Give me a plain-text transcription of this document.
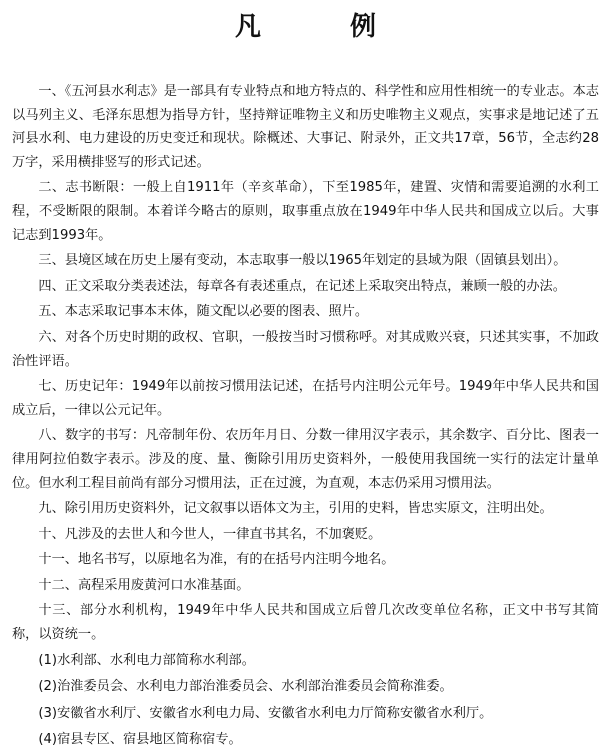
凡 例

一、《五河县水利志》是一部具有专业特点和地方特点的、科学性和应用性相统一的专业志。本志以马列主义、毛泽东思想为指导方针，坚持辩证唯物主义和历史唯物主义观点，实事求是地记述了五河县水利、电力建设的历史变迁和现状。除概述、大事记、附录外，正文共17章，56节，全志约28万字，采用横排竖写的形式记述。

二、志书断限：一般上自1911年（辛亥革命），下至1985年，建置、灾情和需要追溯的水利工程，不受断限的限制。本着详今略古的原则，取事重点放在1949年中华人民共和国成立以后。大事记志到1993年。

三、县境区域在历史上屡有变动，本志取事一般以1965年划定的县域为限（固镇县划出）。

四、正文采取分类表述法，每章各有表述重点，在记述上采取突出特点，兼顾一般的办法。

五、本志采取记事本末体，随文配以必要的图表、照片。

六、对各个历史时期的政权、官职，一般按当时习惯称呼。对其成败兴衰，只述其实事，不加政治性评语。

七、历史记年：1949年以前按习惯用法记述，在括号内注明公元年号。1949年中华人民共和国成立后，一律以公元记年。

八、数字的书写：凡帝制年份、农历年月日、分数一律用汉字表示，其余数字、百分比、图表一律用阿拉伯数字表示。涉及的度、量、衡除引用历史资料外，一般使用我国统一实行的法定计量单位。但水利工程目前尚有部分习惯用法，正在过渡，为直观，本志仍采用习惯用法。

九、除引用历史资料外，记文叙事以语体文为主，引用的史料，皆忠实原文，注明出处。

十、凡涉及的去世人和今世人，一律直书其名，不加褒贬。

十一、地名书写，以原地名为准，有的在括号内注明今地名。

十二、高程采用废黄河口水准基面。

十三、部分水利机构，1949年中华人民共和国成立后曾几次改变单位名称，正文中书写其简称，以资统一。

(1)水利部、水利电力部简称水利部。
(2)治淮委员会、水利电力部治淮委员会、水利部治淮委员会简称淮委。
(3)安徽省水利厅、安徽省水利电力局、安徽省水利电力厅简称安徽省水利厅。
(4)宿县专区、宿县地区简称宿专。
